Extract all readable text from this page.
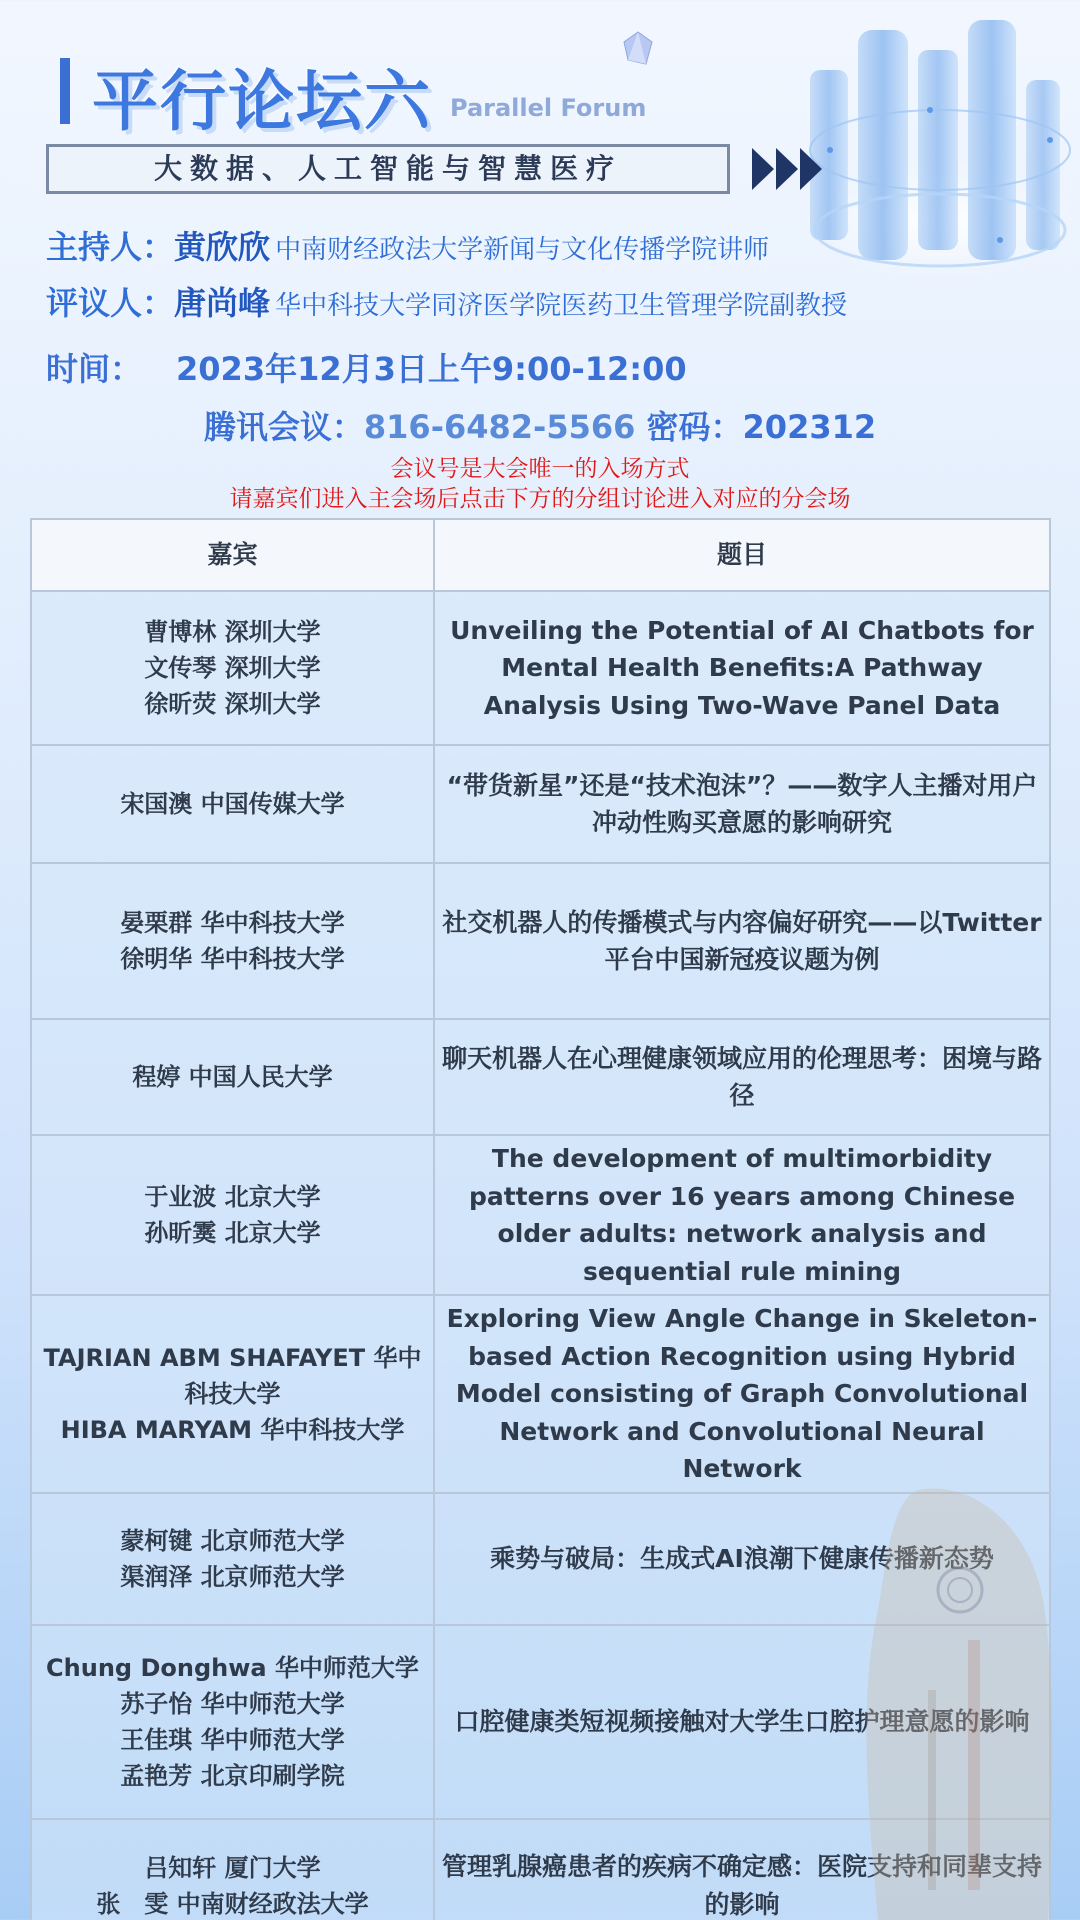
平行论坛六 Parallel Forum
大数据、人工智能与智慧医疗
主持人：黄欣欣 中南财经政法大学新闻与文化传播学院讲师
评议人：唐尚峰 华中科技大学同济医学院医药卫生管理学院副教授
时间： 2023年12月3日上午9:00-12:00
腾讯会议：816-6482-5566 密码：202312
会议号是大会唯一的入场方式
请嘉宾们进入主会场后点击下方的分组讨论进入对应的分会场
嘉宾	题目

曹博林 深圳大学
文传琴 深圳大学
徐昕荧 深圳大学	Unveiling the Potential of AI Chatbots for Mental Health Benefits:A Pathway Analysis Using Two-Wave Panel Data

宋国澳 中国传媒大学	“带货新星”还是“技术泡沫”？——数字人主播对用户冲动性购买意愿的影响研究

晏栗群 华中科技大学
徐明华 华中科技大学	社交机器人的传播模式与内容偏好研究——以Twitter平台中国新冠疫议题为例

程婷 中国人民大学	聊天机器人在心理健康领域应用的伦理思考：困境与路径

于业波 北京大学
孙昕霙 北京大学	The development of multimorbidity patterns over 16 years among Chinese older adults: network analysis and sequential rule mining

TAJRIAN ABM SHAFAYET 华中科技大学
HIBA MARYAM 华中科技大学	Exploring View Angle Change in Skeleton-based Action Recognition using Hybrid Model consisting of Graph Convolutional Network and Convolutional Neural Network

蒙柯键 北京师范大学
渠润泽 北京师范大学	乘势与破局：生成式AI浪潮下健康传播新态势

Chung Donghwa 华中师范大学
苏子怡 华中师范大学
王佳琪 华中师范大学
孟艳芳 北京印刷学院	口腔健康类短视频接触对大学生口腔护理意愿的影响

吕知轩 厦门大学
张　雯 中南财经政法大学	管理乳腺癌患者的疾病不确定感：医院支持和同辈支持的影响
